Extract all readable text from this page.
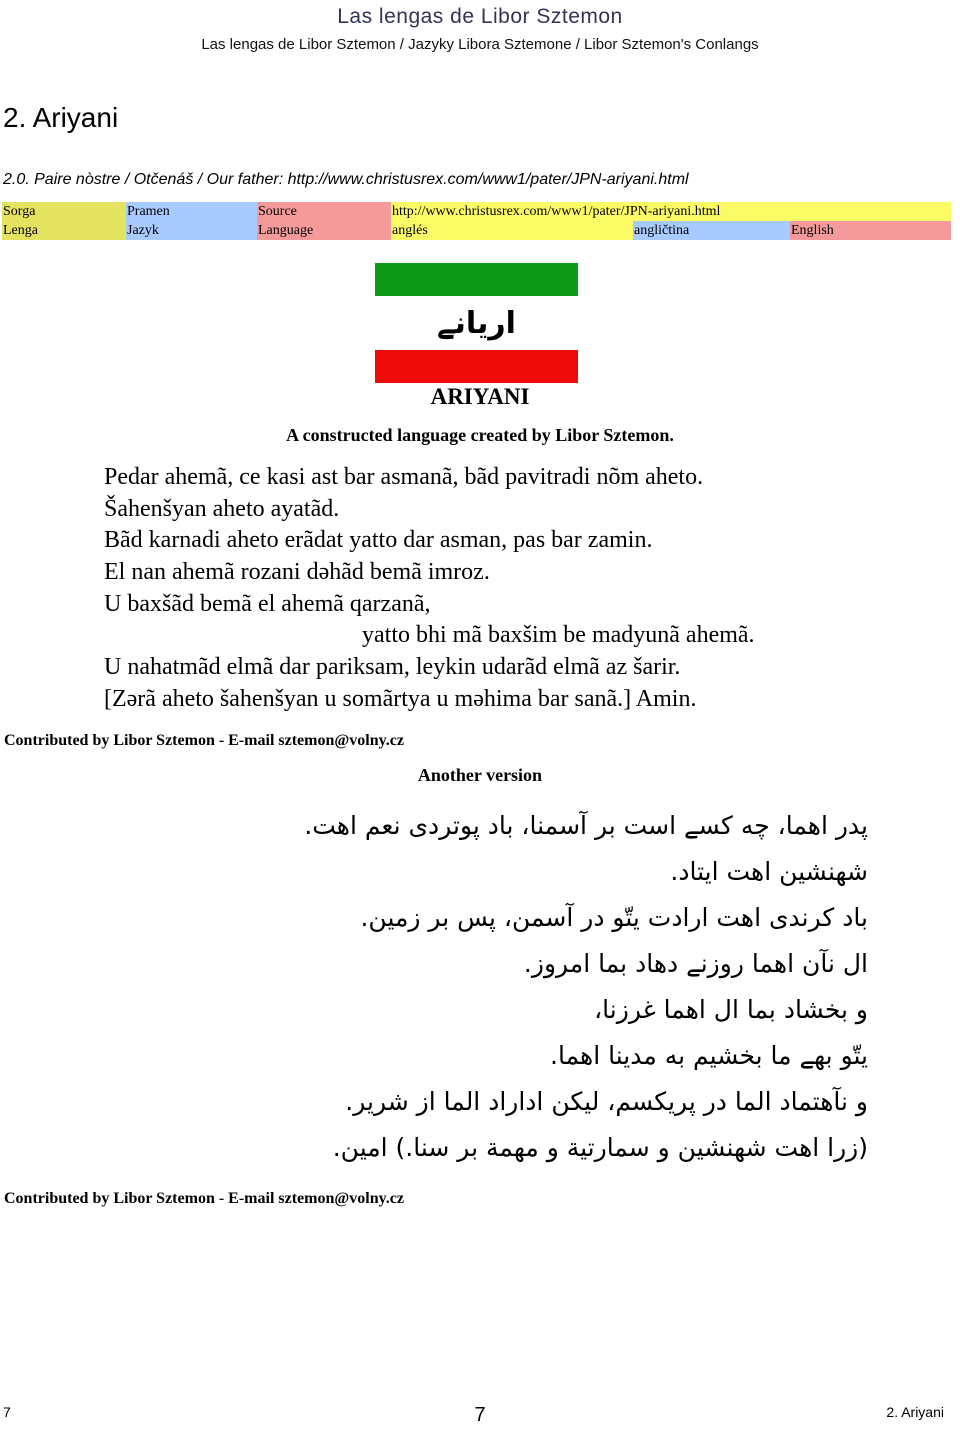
Las lengas de Libor Sztemon
Las lengas de Libor Sztemon / Jazyky Libora Sztemone / Libor Sztemon's Conlangs
2. Ariyani
2.0. Paire nòstre / Otčenáš / Our father: http://www.christusrex.com/www1/pater/JPN-ariyani.html
Sorga	Pramen	Source	http://www.christusrex.com/www1/pater/JPN-ariyani.html		
Lenga	Jazyk	Language	anglés	angličtina	English
اريانے
ARIYANI
A constructed language created by Libor Sztemon.
Pedar ahemã, ce kasi ast bar asmanã, bãd pavitradi nõm aheto.
Šahenšyan aheto ayatãd.
Bãd karnadi aheto erãdat yatto dar asman, pas bar zamin.
El nan ahemã rozani dəhãd bemã imroz.
U baxšãd bemã el ahemã qarzanã,
yatto bhi mã baxšim be madyunã ahemã.
U nahatmãd elmã dar pariksam, leykin udarãd elmã az šarir.
[Zərã aheto šahenšyan u somãrtya u məhima bar sanã.] Amin.
Contributed by Libor Sztemon - E-mail sztemon@volny.cz
Another version
پدر اهما، چه كسے است بر آسمنا، باد پوتردى نعم اهت.
شهنشين اهت ايتاد.
باد كرندى اهت ارادت يتّو در آسمن، پس بر زمين.
ال نآن اهما روزنے دهاد بما امروز.
و بخشاد بما ال اهما غرزنا،
يتّو بهے ما بخشيم به مدينا اهما.
و نآهتماد الما در پريكسم، ليكن اداراد الما از شرير.
(زرا اهت شهنشين و سمارتية و مهمة بر سنا.) امين.
Contributed by Libor Sztemon - E-mail sztemon@volny.cz
7	7	2. Ariyani
